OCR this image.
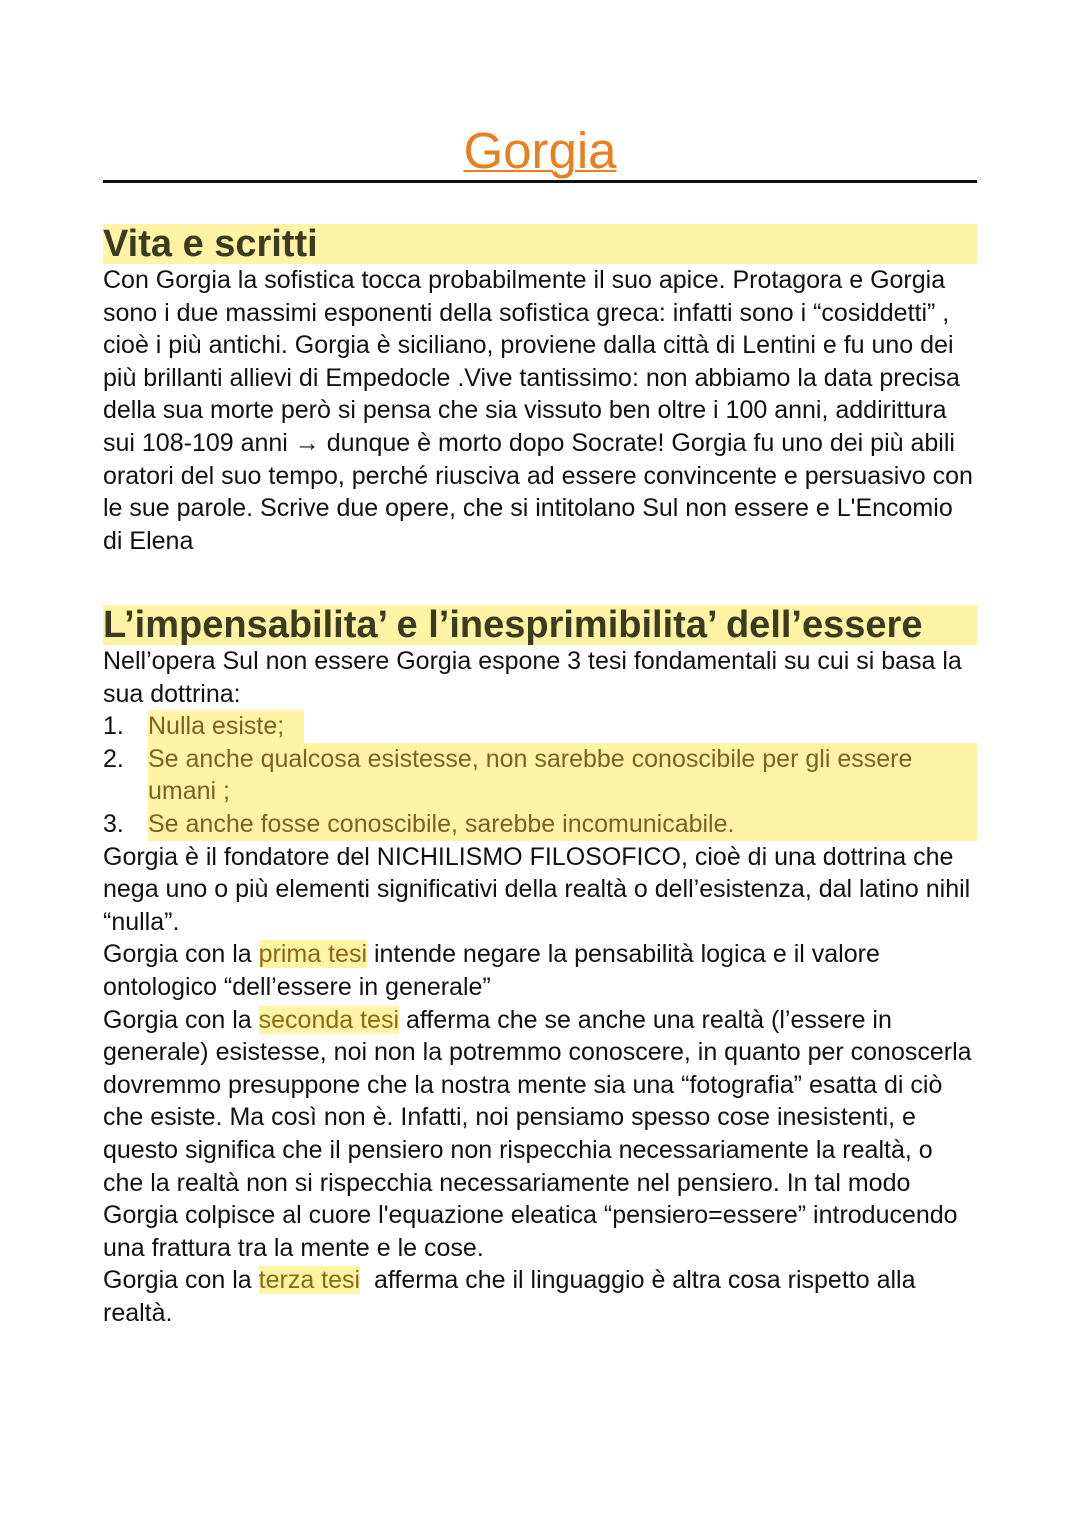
Gorgia
Vita e scritti

Con Gorgia la sofistica tocca probabilmente il suo apice. Protagora e Gorgia sono i due massimi esponenti della sofistica greca: infatti sono i “cosiddetti” , cioè i più antichi. Gorgia è siciliano, proviene dalla città di Lentini e fu uno dei più brillanti allievi di Empedocle .Vive tantissimo: non abbiamo la data precisa della sua morte però si pensa che sia vissuto ben oltre i 100 anni, addirittura sui 108-109 anni → dunque è morto dopo Socrate! Gorgia fu uno dei più abili oratori del suo tempo, perché riusciva ad essere convincente e persuasivo con le sue parole. Scrive due opere, che si intitolano Sul non essere e L'Encomio di Elena

L’impensabilita’ e l’inesprimibilita’ dell’essere

Nell’opera Sul non essere Gorgia espone 3 tesi fondamentali su cui si basa la sua dottrina:

1. Nulla esiste;
2. Se anche qualcosa esistesse, non sarebbe conoscibile per gli essere umani ;
3. Se anche fosse conoscibile, sarebbe incomunicabile.

Gorgia è il fondatore del NICHILISMO FILOSOFICO, cioè di una dottrina che nega uno o più elementi significativi della realtà o dell’esistenza, dal latino nihil “nulla”.

Gorgia con la prima tesi intende negare la pensabilità logica e il valore ontologico “dell’essere in generale”

Gorgia con la seconda tesi afferma che se anche una realtà (l’essere in generale) esistesse, noi non la potremmo conoscere, in quanto per conoscerla dovremmo presuppone che la nostra mente sia una “fotografia” esatta di ciò che esiste. Ma così non è. Infatti, noi pensiamo spesso cose inesistenti, e questo significa che il pensiero non rispecchia necessariamente la realtà, o che la realtà non si rispecchia necessariamente nel pensiero. In tal modo Gorgia colpisce al cuore l'equazione eleatica “pensiero=essere” introducendo una frattura tra la mente e le cose.

Gorgia con la terza tesi  afferma che il linguaggio è altra cosa rispetto alla realtà.
